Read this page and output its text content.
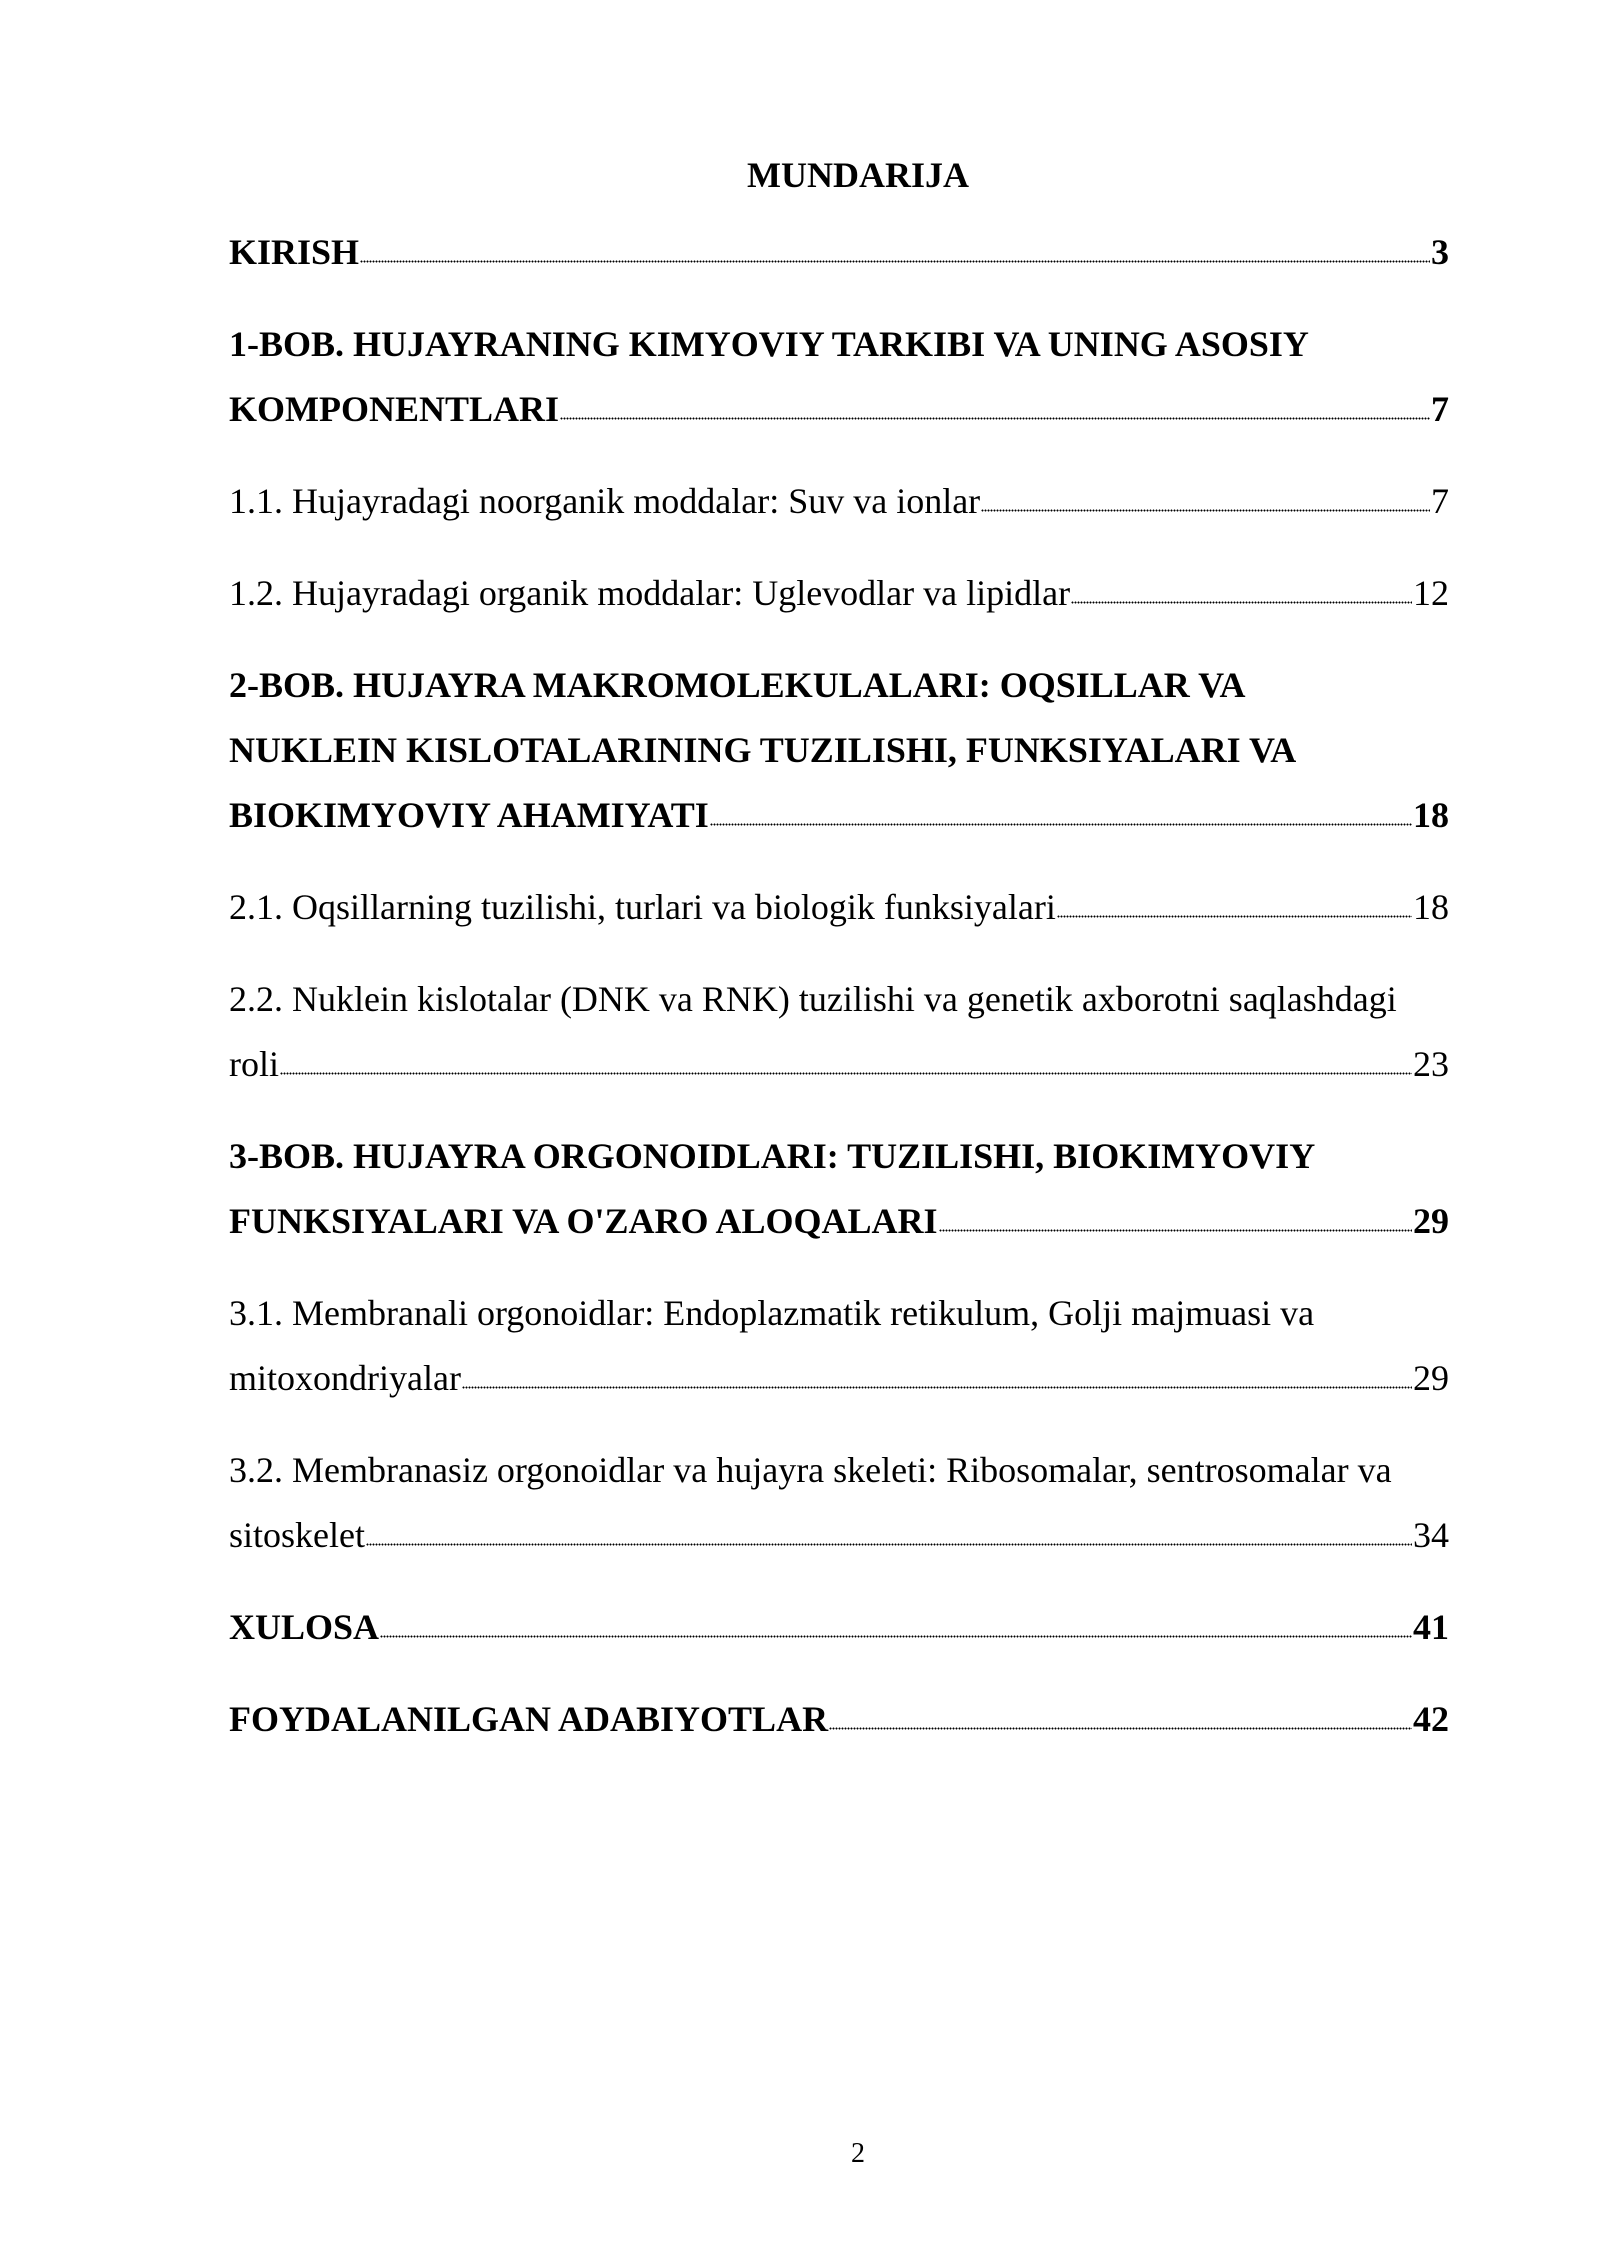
MUNDARIJA
KIRISH	3
1-BOB. HUJAYRANING KIMYOVIY TARKIBI VA UNING ASOSIY
KOMPONENTLARI	7
1.1. Hujayradagi noorganik moddalar: Suv va ionlar	7
1.2. Hujayradagi organik moddalar: Uglevodlar va lipidlar	12
2-BOB. HUJAYRA MAKROMOLEKULALARI: OQSILLAR VA
NUKLEIN KISLOTALARINING TUZILISHI, FUNKSIYALARI VA
BIOKIMYOVIY AHAMIYATI	18
2.1. Oqsillarning tuzilishi, turlari va biologik funksiyalari	18
2.2. Nuklein kislotalar (DNK va RNK) tuzilishi va genetik axborotni saqlashdagi
roli	23
3-BOB. HUJAYRA ORGONOIDLARI: TUZILISHI, BIOKIMYOVIY
FUNKSIYALARI VA O'ZARO ALOQALARI	29
3.1. Membranali orgonoidlar: Endoplazmatik retikulum, Golji majmuasi va
mitoxondriyalar	29
3.2. Membranasiz orgonoidlar va hujayra skeleti: Ribosomalar, sentrosomalar va
sitoskelet	34
XULOSA	41
FOYDALANILGAN ADABIYOTLAR	42
2
